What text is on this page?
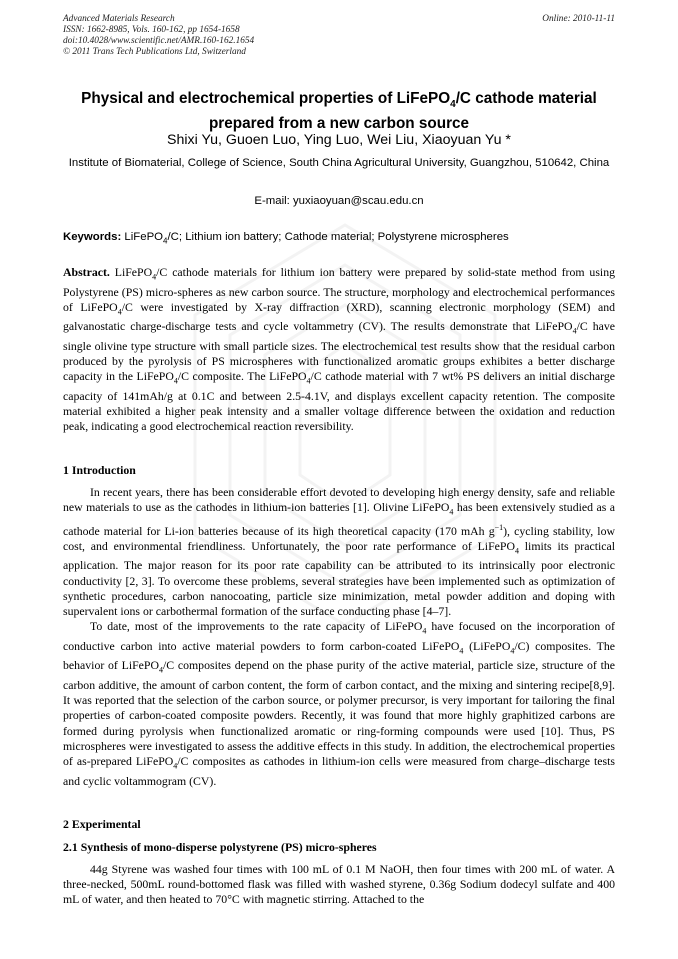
Advanced Materials Research
ISSN: 1662-8985, Vols. 160-162, pp 1654-1658
doi:10.4028/www.scientific.net/AMR.160-162.1654
© 2011 Trans Tech Publications Ltd, Switzerland
Online: 2010-11-11
Physical and electrochemical properties of LiFePO$_4$/C cathode material prepared from a new carbon source
Shixi Yu, Guoen Luo, Ying Luo, Wei Liu, Xiaoyuan Yu *
Institute of Biomaterial, College of Science, South China Agricultural University, Guangzhou, 510642, China
E-mail: yuxiaoyuan@scau.edu.cn
Keywords: LiFePO$_4$/C; Lithium ion battery; Cathode material; Polystyrene microspheres

Abstract. LiFePO$_4$/C cathode materials for lithium ion battery were prepared by solid-state method from using Polystyrene (PS) micro-spheres as new carbon source. The structure, morphology and electrochemical performances of LiFePO$_4$/C were investigated by X-ray diffraction (XRD), scanning electronic morphology (SEM) and galvanostatic charge-discharge tests and cycle voltammetry (CV). The results demonstrate that LiFePO$_4$/C have single olivine type structure with small particle sizes. The electrochemical test results show that the residual carbon produced by the pyrolysis of PS microspheres with functionalized aromatic groups exhibites a better discharge capacity in the LiFePO$_4$/C composite. The LiFePO$_4$/C cathode material with 7 wt% PS delivers an initial discharge capacity of 141mAh/g at 0.1C and between 2.5-4.1V, and displays excellent capacity retention. The composite material exhibited a higher peak intensity and a smaller voltage difference between the oxidation and reduction peak, indicating a good electrochemical reaction reversibility.

1 Introduction

In recent years, there has been considerable effort devoted to developing high energy density, safe and reliable new materials to use as the cathodes in lithium-ion batteries [1]. Olivine LiFePO$_4$ has been extensively studied as a cathode material for Li-ion batteries because of its high theoretical capacity (170 mAh $g^{-1}$), cycling stability, low cost, and environmental friendliness. Unfortunately, the poor rate performance of LiFePO$_4$ limits its practical application. The major reason for its poor rate capability can be attributed to its intrinsically poor electronic conductivity [2, 3]. To overcome these problems, several strategies have been implemented such as optimization of synthetic procedures, carbon nanocoating, particle size minimization, metal powder addition and doping with supervalent ions or carbothermal formation of the surface conducting phase [4–7].

To date, most of the improvements to the rate capacity of LiFePO$_4$ have focused on the incorporation of conductive carbon into active material powders to form carbon-coated LiFePO$_4$ (LiFePO$_4$/C) composites. The behavior of LiFePO$_4$/C composites depend on the phase purity of the active material, particle size, structure of the carbon additive, the amount of carbon content, the form of carbon contact, and the mixing and sintering recipe[8,9]. It was reported that the selection of the carbon source, or polymer precursor, is very important for tailoring the final properties of carbon-coated composite powders. Recently, it was found that more highly graphitized carbons are formed during pyrolysis when functionalized aromatic or ring-forming compounds were used [10]. Thus, PS microspheres were investigated to assess the additive effects in this study. In addition, the electrochemical properties of as-prepared LiFePO$_4$/C composites as cathodes in lithium-ion cells were measured from charge–discharge tests and cyclic voltammogram (CV).

2 Experimental
2.1 Synthesis of mono-disperse polystyrene (PS) micro-spheres

44g Styrene was washed four times with 100 mL of 0.1 M NaOH, then four times with 200 mL of water. A three-necked, 500mL round-bottomed flask was filled with washed styrene, 0.36g Sodium dodecyl sulfate and 400 mL of water, and then heated to 70°C with magnetic stirring. Attached to the
